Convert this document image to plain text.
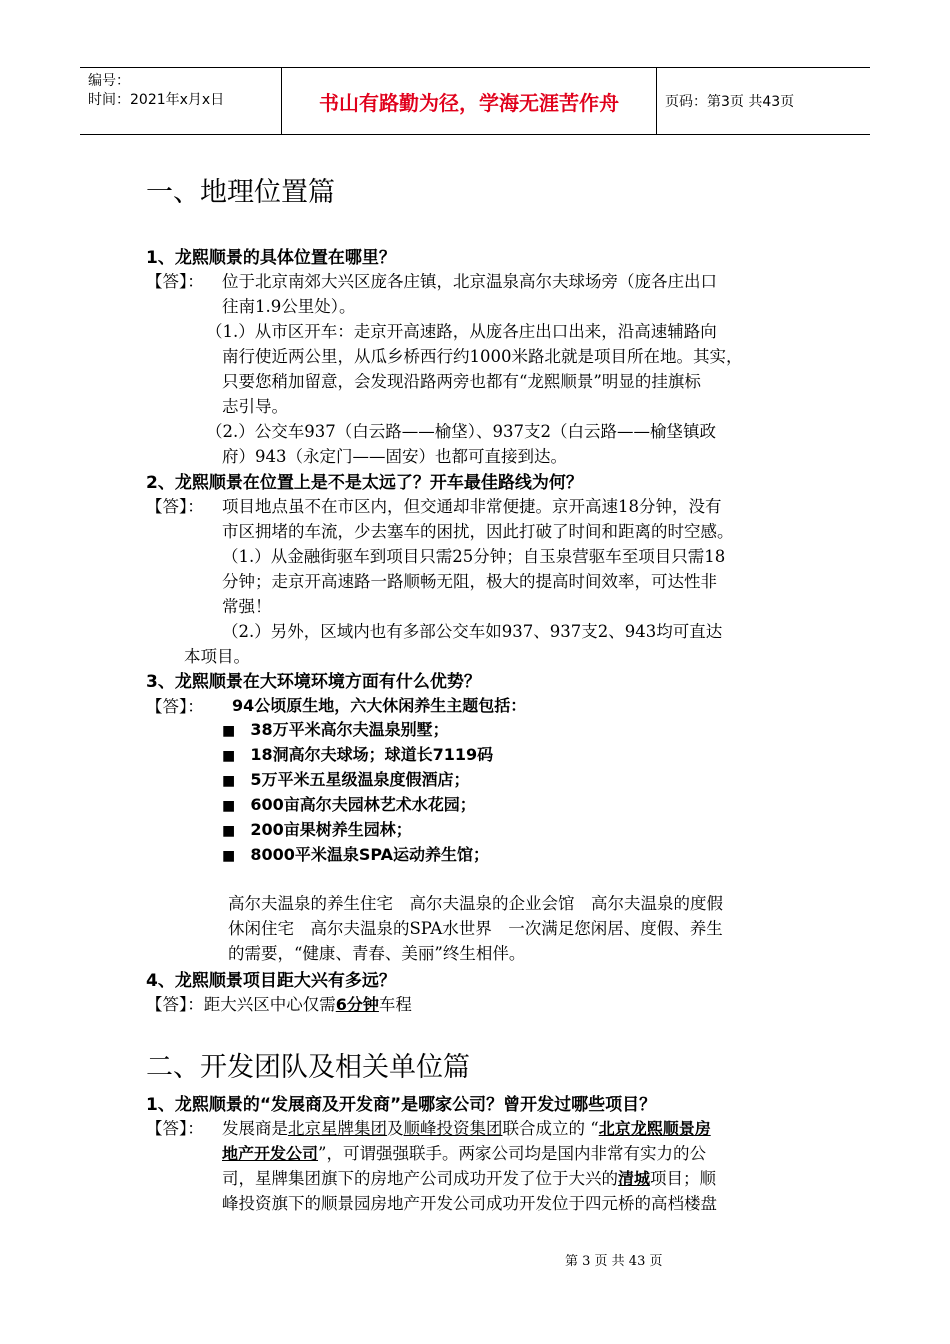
编号：
时间：2021年x月x日	书山有路勤为径，学海无涯苦作舟	页码：第3页 共43页
一、地理位置篇
1、龙熙顺景的具体位置在哪里？
【答】： 位于北京南郊大兴区庞各庄镇，北京温泉高尔夫球场旁（庞各庄出口
往南1.9公里处）。
（1.）从市区开车：走京开高速路，从庞各庄出口出来，沿高速辅路向
南行使近两公里，从瓜乡桥西行约1000米路北就是项目所在地。其实，
只要您稍加留意，会发现沿路两旁也都有“龙熙顺景”明显的挂旗标
志引导。
（2.）公交车937（白云路——榆垡）、937支2（白云路——榆垡镇政
府）943（永定门——固安）也都可直接到达。
2、龙熙顺景在位置上是不是太远了？开车最佳路线为何？
【答】： 项目地点虽不在市区内，但交通却非常便捷。京开高速18分钟，没有
市区拥堵的车流，少去塞车的困扰，因此打破了时间和距离的时空感。
（1.）从金融街驱车到项目只需25分钟；自玉泉营驱车至项目只需18
分钟；走京开高速路一路顺畅无阻，极大的提高时间效率，可达性非
常强！
（2.）另外，区域内也有多部公交车如937、937支2、943均可直达
本项目。
3、龙熙顺景在大环境环境方面有什么优势？
【答】： 94公顷原生地，六大休闲养生主题包括：
■ 38万平米高尔夫温泉别墅；
■ 18洞高尔夫球场；球道长7119码
■ 5万平米五星级温泉度假酒店；
■ 600亩高尔夫园林艺术水花园；
■ 200亩果树养生园林；
■ 8000平米温泉SPA运动养生馆；
高尔夫温泉的养生住宅　高尔夫温泉的企业会馆　高尔夫温泉的度假
休闲住宅　高尔夫温泉的SPA水世界　一次满足您闲居、度假、养生
的需要，“健康、青春、美丽”终生相伴。
4、龙熙顺景项目距大兴有多远？
【答】：距大兴区中心仅需6分钟车程
二、开发团队及相关单位篇
1、龙熙顺景的“发展商及开发商”是哪家公司？曾开发过哪些项目？
【答】： 发展商是北京星牌集团及顺峰投资集团联合成立的 “北京龙熙顺景房
地产开发公司”，可谓强强联手。两家公司均是国内非常有实力的公
司，星牌集团旗下的房地产公司成功开发了位于大兴的清城项目；顺
峰投资旗下的顺景园房地产开发公司成功开发位于四元桥的高档楼盘
第 3 页 共 43 页
